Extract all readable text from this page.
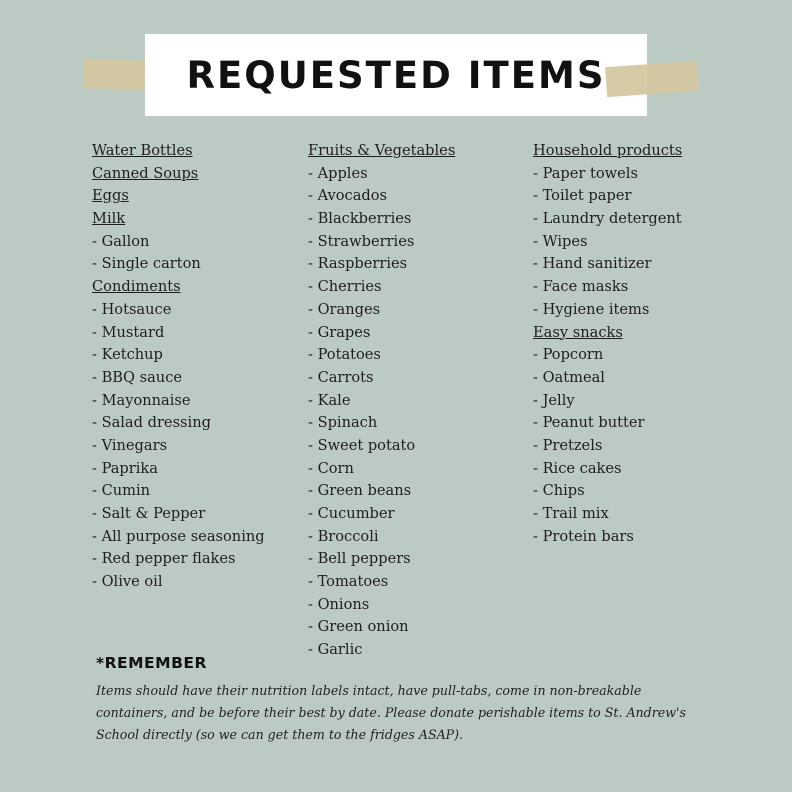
REQUESTED ITEMS
Water Bottles
Canned Soups
Eggs
Milk
- Gallon
- Single carton
Condiments
- Hotsauce
- Mustard
- Ketchup
- BBQ sauce
- Mayonnaise
- Salad dressing
- Vinegars
- Paprika
- Cumin
- Salt & Pepper
- All purpose seasoning
- Red pepper flakes
- Olive oil
Fruits & Vegetables
- Apples
- Avocados
- Blackberries
- Strawberries
- Raspberries
- Cherries
- Oranges
- Grapes
- Potatoes
- Carrots
- Kale
- Spinach
- Sweet potato
- Corn
- Green beans
- Cucumber
- Broccoli
- Bell peppers
- Tomatoes
- Onions
- Green onion
- Garlic
Household products
- Paper towels
- Toilet paper
- Laundry detergent
- Wipes
- Hand sanitizer
- Face masks
- Hygiene items
Easy snacks
- Popcorn
- Oatmeal
- Jelly
- Peanut butter
- Pretzels
- Rice cakes
- Chips
- Trail mix
- Protein bars
*REMEMBER
Items should have their nutrition labels intact, have pull-tabs, come in non-breakable containers, and be before their best by date. Please donate perishable items to St. Andrew's School directly (so we can get them to the fridges ASAP).
